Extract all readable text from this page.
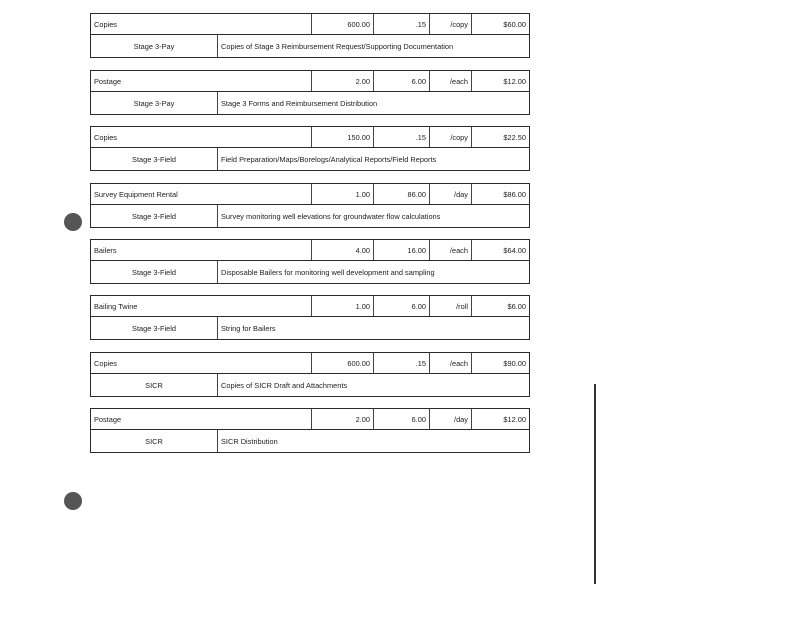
Copies	600.00	.15	/copy	$60.00
Stage 3-Pay	Copies of Stage 3 Reimbursement Request/Supporting Documentation
Postage	2.00	6.00	/each	$12.00
Stage 3-Pay	Stage 3 Forms and Reimbursement Distribution
Copies	150.00	.15	/copy	$22.50
Stage 3-Field	Field Preparation/Maps/Borelogs/Analytical Reports/Field Reports
Survey Equipment Rental	1.00	86.00	/day	$86.00
Stage 3-Field	Survey monitoring well elevations for groundwater flow calculations
Bailers	4.00	16.00	/each	$64.00
Stage 3-Field	Disposable Bailers for monitoring well development and sampling
Bailing Twine	1.00	6.00	/roll	$6.00
Stage 3-Field	String for Bailers
Copies	600.00	.15	/each	$90.00
SICR	Copies of SICR Draft and Attachments
Postage	2.00	6.00	/day	$12.00
SICR	SICR Distribution
